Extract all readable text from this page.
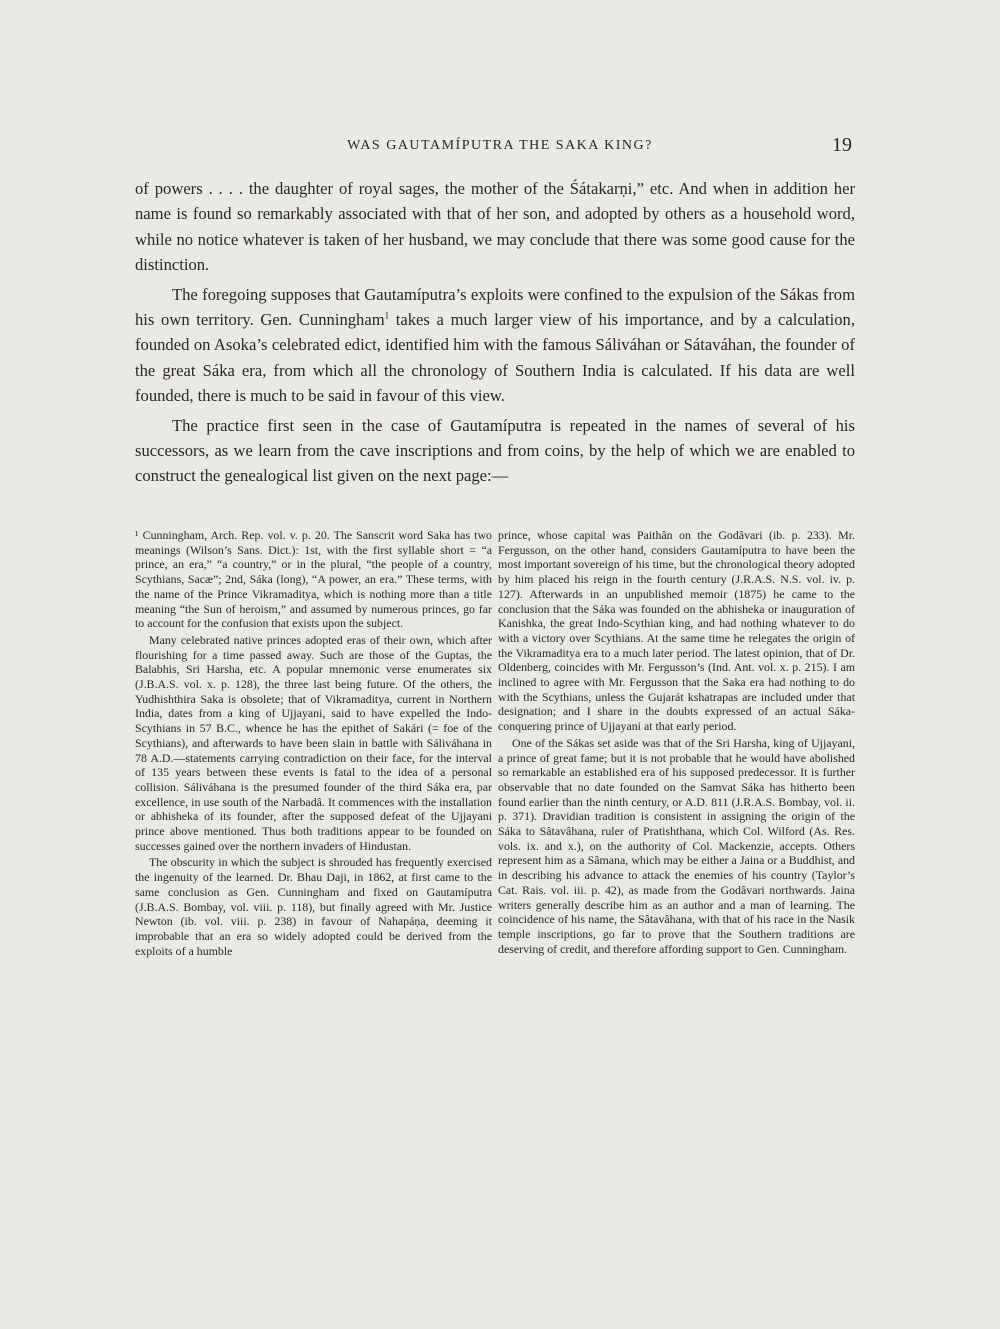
WAS GAUTAMÍPUTRA THE SAKA KING?	19

of powers . . . . the daughter of royal sages, the mother of the Śátakarṇi,” etc. And when in addition her name is found so remarkably associated with that of her son, and adopted by others as a household word, while no notice whatever is taken of her husband, we may conclude that there was some good cause for the distinction.

The foregoing supposes that Gautamíputra’s exploits were confined to the expulsion of the Sákas from his own territory. Gen. Cunningham$^1$ takes a much larger view of his importance, and by a calculation, founded on Asoka’s celebrated edict, identified him with the famous Sáliváhan or Sátaváhan, the founder of the great Sáka era, from which all the chronology of Southern India is calculated. If his data are well founded, there is much to be said in favour of this view.

The practice first seen in the case of Gautamíputra is repeated in the names of several of his successors, as we learn from the cave inscriptions and from coins, by the help of which we are enabled to construct the genealogical list given on the next page:—

¹ Cunningham, Arch. Rep. vol. v. p. 20. The Sanscrit word Saka has two meanings (Wilson’s Sans. Dict.): 1st, with the first syllable short = “a prince, an era,” “a country,” or in the plural, “the people of a country, Scythians, Sacæ”; 2nd, Sáka (long), “A power, an era.” These terms, with the name of the Prince Vikramaditya, which is nothing more than a title meaning “the Sun of heroism,” and assumed by numerous princes, go far to account for the confusion that exists upon the subject.

Many celebrated native princes adopted eras of their own, which after flourishing for a time passed away. Such are those of the Guptas, the Balabhis, Sri Harsha, etc. A popular mnemonic verse enumerates six (J.B.A.S. vol. x. p. 128), the three last being future. Of the others, the Yudhishthira Saka is obsolete; that of Vikramaditya, current in Northern India, dates from a king of Ujjayani, said to have expelled the Indo-Scythians in 57 B.C., whence he has the epithet of Sakári (= foe of the Scythians), and afterwards to have been slain in battle with Sáliváhana in 78 A.D.—statements carrying contradiction on their face, for the interval of 135 years between these events is fatal to the idea of a personal collision. Sáliváhana is the presumed founder of the third Sáka era, par excellence, in use south of the Narbadâ. It commences with the installation or abhisheka of its founder, after the supposed defeat of the Ujjayani prince above mentioned. Thus both traditions appear to be founded on successes gained over the northern invaders of Hindustan.

The obscurity in which the subject is shrouded has frequently exercised the ingenuity of the learned. Dr. Bhau Daji, in 1862, at first came to the same conclusion as Gen. Cunningham and fixed on Gautamíputra (J.B.A.S. Bombay, vol. viii. p. 118), but finally agreed with Mr. Justice Newton (ib. vol. viii. p. 238) in favour of Nahapáṇa, deeming it improbable that an era so widely adopted could be derived from the exploits of a humble

prince, whose capital was Paithân on the Godâvari (ib. p. 233). Mr. Fergusson, on the other hand, considers Gautamíputra to have been the most important sovereign of his time, but the chronological theory adopted by him placed his reign in the fourth century (J.R.A.S. N.S. vol. iv. p. 127). Afterwards in an unpublished memoir (1875) he came to the conclusion that the Sáka was founded on the abhisheka or inauguration of Kanishka, the great Indo-Scythian king, and had nothing whatever to do with a victory over Scythians. At the same time he relegates the origin of the Vikramaditya era to a much later period. The latest opinion, that of Dr. Oldenberg, coincides with Mr. Fergusson’s (Ind. Ant. vol. x. p. 215). I am inclined to agree with Mr. Fergusson that the Saka era had nothing to do with the Scythians, unless the Gujarát kshatrapas are included under that designation; and I share in the doubts expressed of an actual Sáka-conquering prince of Ujjayani at that early period.

One of the Sákas set aside was that of the Sri Harsha, king of Ujjayani, a prince of great fame; but it is not probable that he would have abolished so remarkable an established era of his supposed predecessor. It is further observable that no date founded on the Samvat Sáka has hitherto been found earlier than the ninth century, or A.D. 811 (J.R.A.S. Bombay, vol. ii. p. 371). Dravidian tradition is consistent in assigning the origin of the Sáka to Sâtavâhana, ruler of Pratishthana, which Col. Wilford (As. Res. vols. ix. and x.), on the authority of Col. Mackenzie, accepts. Others represent him as a Sâmana, which may be either a Jaina or a Buddhist, and in describing his advance to attack the enemies of his country (Taylor’s Cat. Rais. vol. iii. p. 42), as made from the Godâvari northwards. Jaina writers generally describe him as an author and a man of learning. The coincidence of his name, the Sâtavâhana, with that of his race in the Nasik temple inscriptions, go far to prove that the Southern traditions are deserving of credit, and therefore affording support to Gen. Cunningham.
